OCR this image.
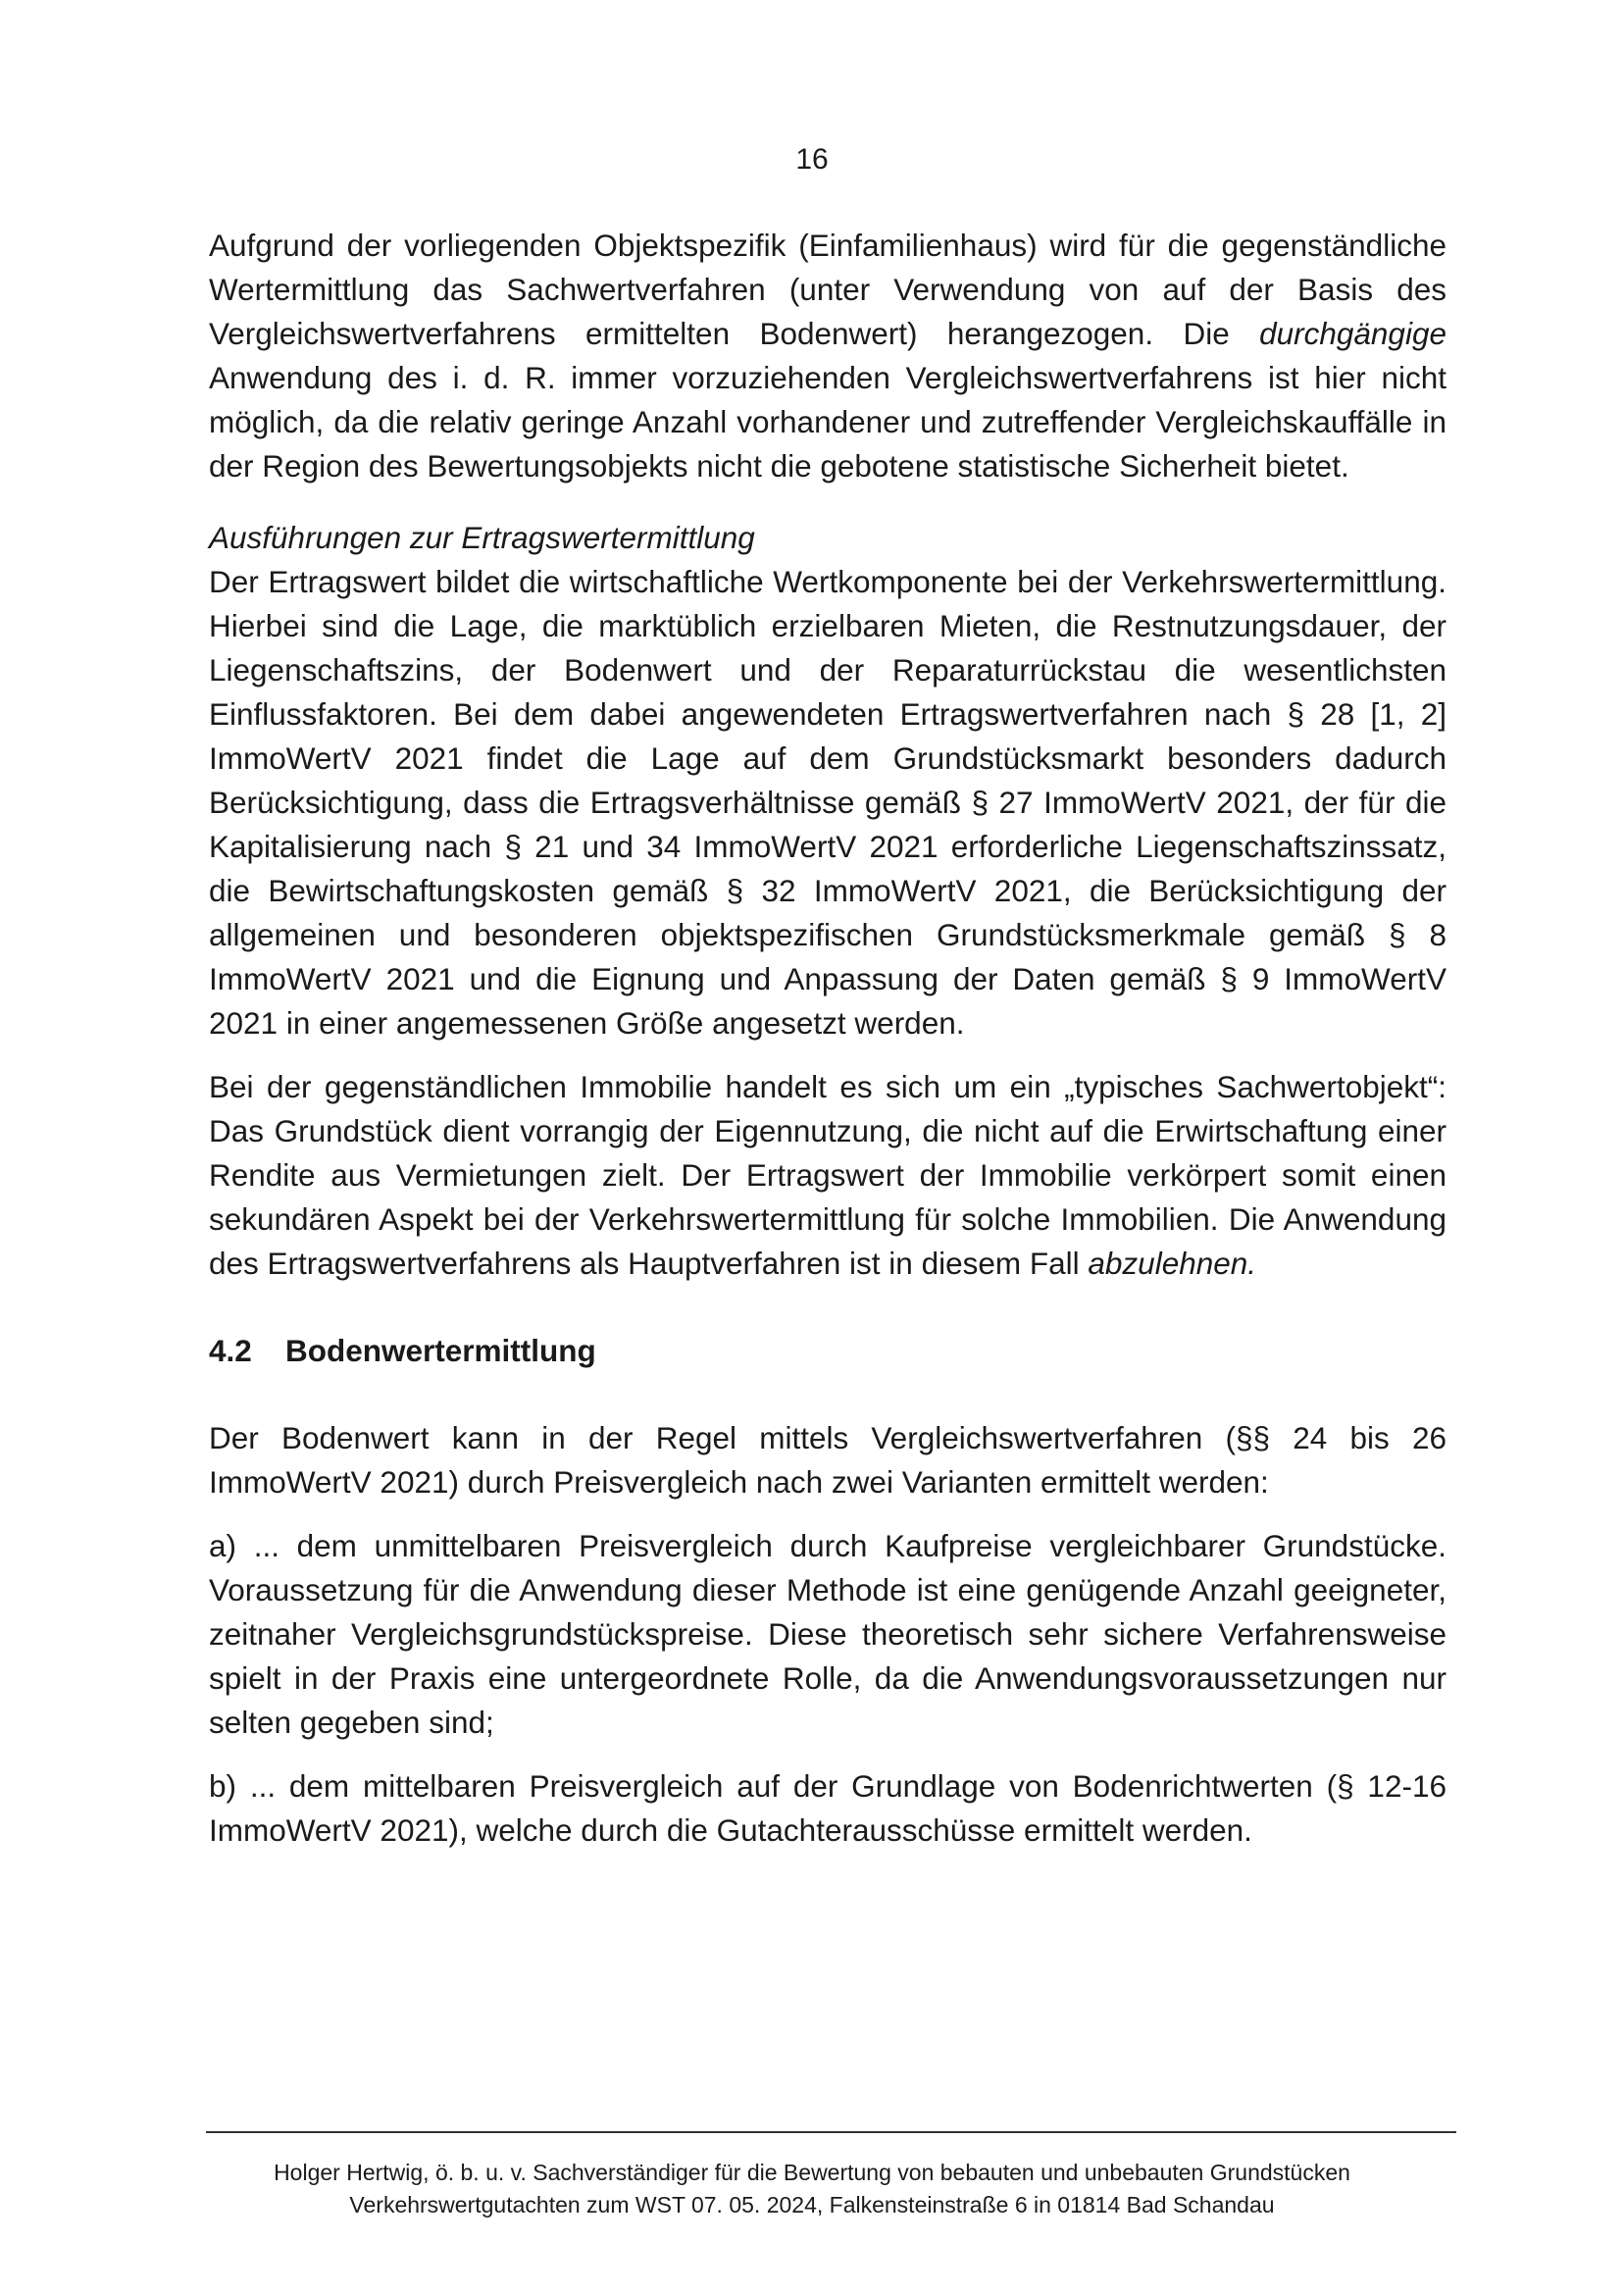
16

Aufgrund der vorliegenden Objektspezifik (Einfamilienhaus) wird für die gegenständliche Wertermittlung das Sachwertverfahren (unter Verwendung von auf der Basis des Vergleichswertverfahrens ermittelten Bodenwert) herangezogen. Die durchgängige Anwendung des i. d. R. immer vorzuziehenden Vergleichswertverfahrens ist hier nicht möglich, da die relativ geringe Anzahl vorhandener und zutreffender Vergleichskauffälle in der Region des Bewertungsobjekts nicht die gebotene statistische Sicherheit bietet.

Ausführungen zur Ertragswertermittlung

Der Ertragswert bildet die wirtschaftliche Wertkomponente bei der Verkehrswertermittlung. Hierbei sind die Lage, die marktüblich erzielbaren Mieten, die Restnutzungsdauer, der Liegenschaftszins, der Bodenwert und der Reparaturrückstau die wesentlichsten Einflussfaktoren. Bei dem dabei angewendeten Ertragswertverfahren nach § 28 [1, 2] ImmoWertV 2021 findet die Lage auf dem Grundstücksmarkt besonders dadurch Berücksichtigung, dass die Ertragsverhältnisse gemäß § 27 ImmoWertV 2021, der für die Kapitalisierung nach § 21 und 34 ImmoWertV 2021 erforderliche Liegenschaftszinssatz, die Bewirtschaftungskosten gemäß § 32 ImmoWertV 2021, die Berücksichtigung der allgemeinen und besonderen objektspezifischen Grundstücksmerkmale gemäß § 8 ImmoWertV 2021 und die Eignung und Anpassung der Daten gemäß § 9 ImmoWertV 2021 in einer angemessenen Größe angesetzt werden.

Bei der gegenständlichen Immobilie handelt es sich um ein „typisches Sachwertobjekt“: Das Grundstück dient vorrangig der Eigennutzung, die nicht auf die Erwirtschaftung einer Rendite aus Vermietungen zielt. Der Ertragswert der Immobilie verkörpert somit einen sekundären Aspekt bei der Verkehrswertermittlung für solche Immobilien. Die Anwendung des Ertragswertverfahrens als Hauptverfahren ist in diesem Fall abzulehnen.

4.2 Bodenwertermittlung

Der Bodenwert kann in der Regel mittels Vergleichswertverfahren (§§ 24 bis 26 ImmoWertV 2021) durch Preisvergleich nach zwei Varianten ermittelt werden:

a) ... dem unmittelbaren Preisvergleich durch Kaufpreise vergleichbarer Grundstücke. Voraussetzung für die Anwendung dieser Methode ist eine genügende Anzahl geeigneter, zeitnaher Vergleichsgrundstückspreise. Diese theoretisch sehr sichere Verfahrensweise spielt in der Praxis eine untergeordnete Rolle, da die Anwendungsvoraussetzungen nur selten gegeben sind;

b) ... dem mittelbaren Preisvergleich auf der Grundlage von Bodenrichtwerten (§ 12-16 ImmoWertV 2021), welche durch die Gutachterausschüsse ermittelt werden.

Holger Hertwig, ö. b. u. v. Sachverständiger für die Bewertung von bebauten und unbebauten Grundstücken
Verkehrswertgutachten zum WST 07. 05. 2024, Falkensteinstraße 6 in 01814 Bad Schandau
